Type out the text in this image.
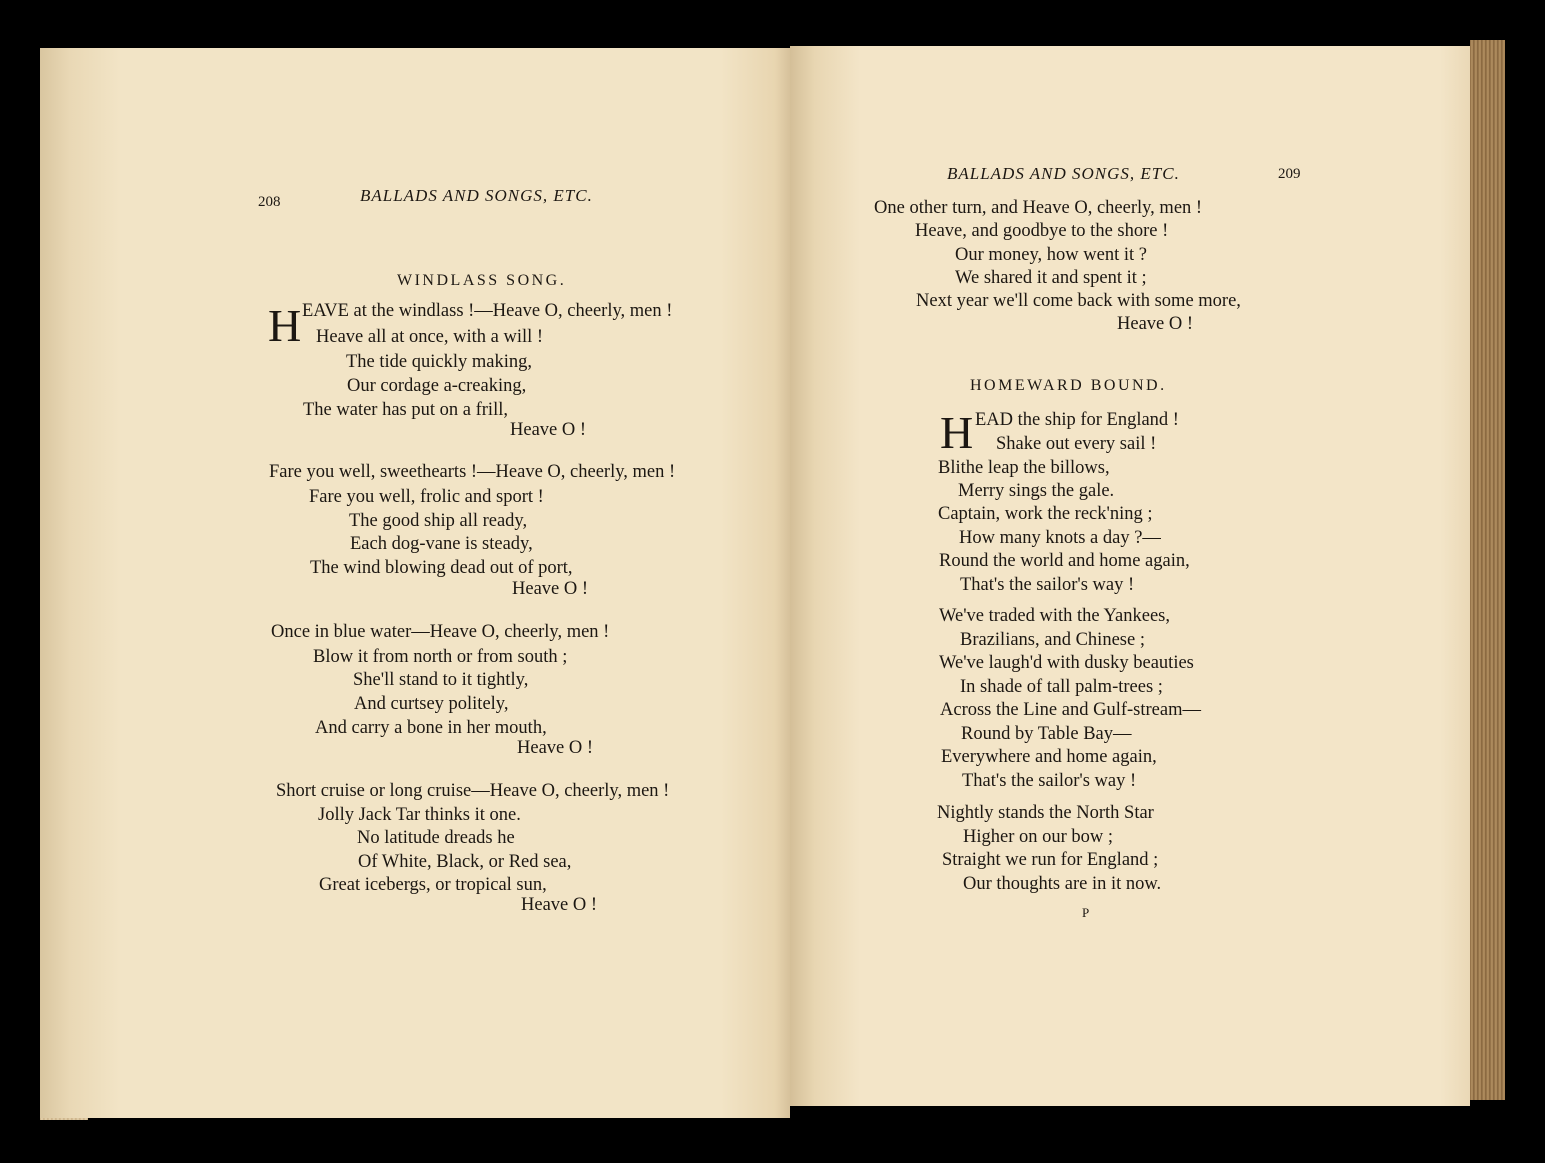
208	BALLADS AND SONGS, ETC.
WINDLASS SONG.
H EAVE at the windlass !—Heave O, cheerly, men !
Heave all at once, with a will !
The tide quickly making,
Our cordage a-creaking,
The water has put on a frill,
Heave O !
Fare you well, sweethearts !—Heave O, cheerly, men !
Fare you well, frolic and sport !
The good ship all ready,
Each dog-vane is steady,
The wind blowing dead out of port,
Heave O !
Once in blue water—Heave O, cheerly, men !
Blow it from north or from south ;
She'll stand to it tightly,
And curtsey politely,
And carry a bone in her mouth,
Heave O !
Short cruise or long cruise—Heave O, cheerly, men !
Jolly Jack Tar thinks it one.
No latitude dreads he
Of White, Black, or Red sea,
Great icebergs, or tropical sun,
Heave O !
BALLADS AND SONGS, ETC.	209
One other turn, and Heave O, cheerly, men !
Heave, and goodbye to the shore !
Our money, how went it ?
We shared it and spent it ;
Next year we'll come back with some more,
Heave O !
HOMEWARD BOUND.
H EAD the ship for England !
Shake out every sail !
Blithe leap the billows,
Merry sings the gale.
Captain, work the reck'ning ;
How many knots a day ?—
Round the world and home again,
That's the sailor's way !
We've traded with the Yankees,
Brazilians, and Chinese ;
We've laugh'd with dusky beauties
In shade of tall palm-trees ;
Across the Line and Gulf-stream—
Round by Table Bay—
Everywhere and home again,
That's the sailor's way !
Nightly stands the North Star
Higher on our bow ;
Straight we run for England ;
Our thoughts are in it now.
P
